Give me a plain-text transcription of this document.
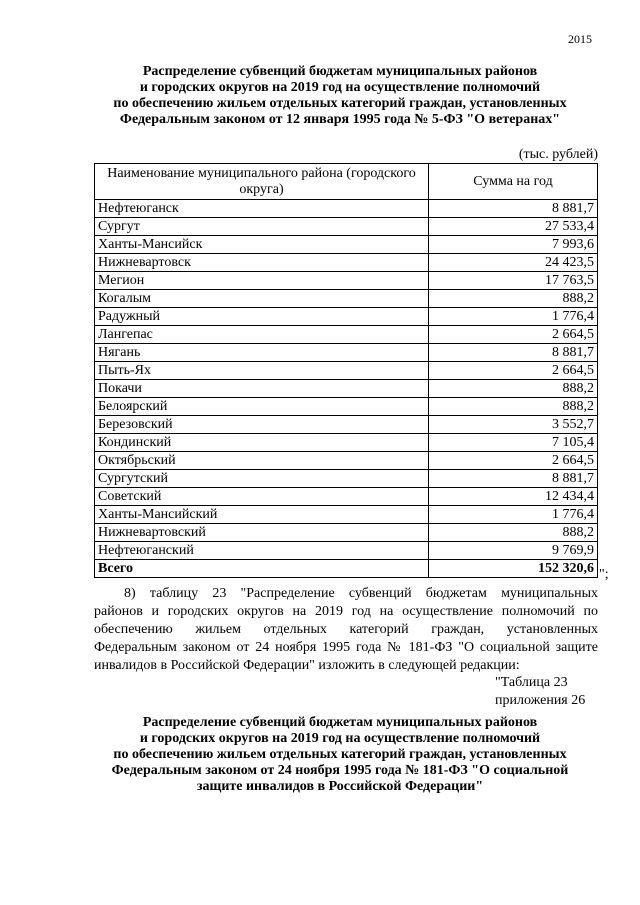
2015
Распределение субвенций бюджетам муниципальных районов
и городских округов на 2019 год на осуществление полномочий
по обеспечению жильем отдельных категорий граждан, установленных
Федеральным законом от 12 января 1995 года № 5-ФЗ "О ветеранах"
(тыс. рублей)
Наименование муниципального района (городского округа)	Сумма на год
Нефтеюганск	8 881,7
Сургут	27 533,4
Ханты-Мансийск	7 993,6
Нижневартовск	24 423,5
Мегион	17 763,5
Когалым	888,2
Радужный	1 776,4
Лангепас	2 664,5
Нягань	8 881,7
Пыть-Ях	2 664,5
Покачи	888,2
Белоярский	888,2
Березовский	3 552,7
Кондинский	7 105,4
Октябрьский	2 664,5
Сургутский	8 881,7
Советский	12 434,4
Ханты-Мансийский	1 776,4
Нижневартовский	888,2
Нефтеюганский	9 769,9
Всего	152 320,6 ";
8) таблицу 23 "Распределение субвенций бюджетам муниципальных
районов и городских округов на 2019 год на осуществление полномочий по
обеспечению жильем отдельных категорий граждан, установленных
Федеральным законом от 24 ноября 1995 года № 181-ФЗ "О социальной защите
инвалидов в Российской Федерации" изложить в следующей редакции:
"Таблица 23
приложения 26
Распределение субвенций бюджетам муниципальных районов
и городских округов на 2019 год на осуществление полномочий
по обеспечению жильем отдельных категорий граждан, установленных
Федеральным законом от 24 ноября 1995 года № 181-ФЗ "О социальной
защите инвалидов в Российской Федерации"
